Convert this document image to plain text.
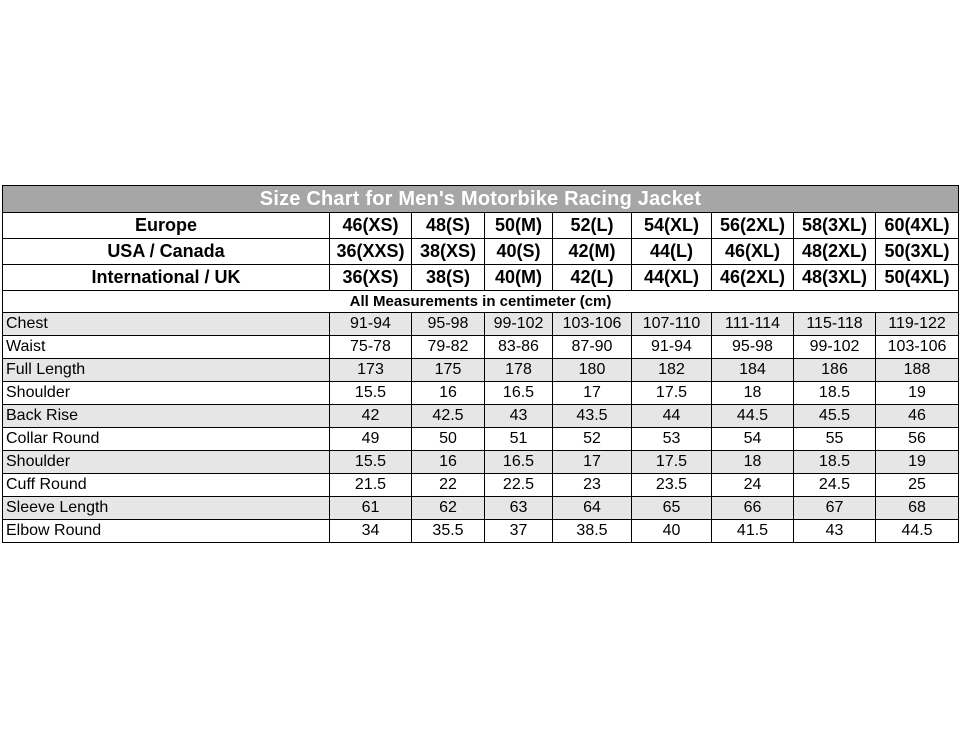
Size Chart for Men's Motorbike Racing Jacket								
Europe	46(XS)	48(S)	50(M)	52(L)	54(XL)	56(2XL)	58(3XL)	60(4XL)
USA / Canada	36(XXS)	38(XS)	40(S)	42(M)	44(L)	46(XL)	48(2XL)	50(3XL)
International / UK	36(XS)	38(S)	40(M)	42(L)	44(XL)	46(2XL)	48(3XL)	50(4XL)
All Measurements in centimeter (cm)								
Chest	91-94	95-98	99-102	103-106	107-110	111-114	115-118	119-122
Waist	75-78	79-82	83-86	87-90	91-94	95-98	99-102	103-106
Full Length	173	175	178	180	182	184	186	188
Shoulder	15.5	16	16.5	17	17.5	18	18.5	19
Back Rise	42	42.5	43	43.5	44	44.5	45.5	46
Collar Round	49	50	51	52	53	54	55	56
Shoulder	15.5	16	16.5	17	17.5	18	18.5	19
Cuff Round	21.5	22	22.5	23	23.5	24	24.5	25
Sleeve Length	61	62	63	64	65	66	67	68
Elbow Round	34	35.5	37	38.5	40	41.5	43	44.5
